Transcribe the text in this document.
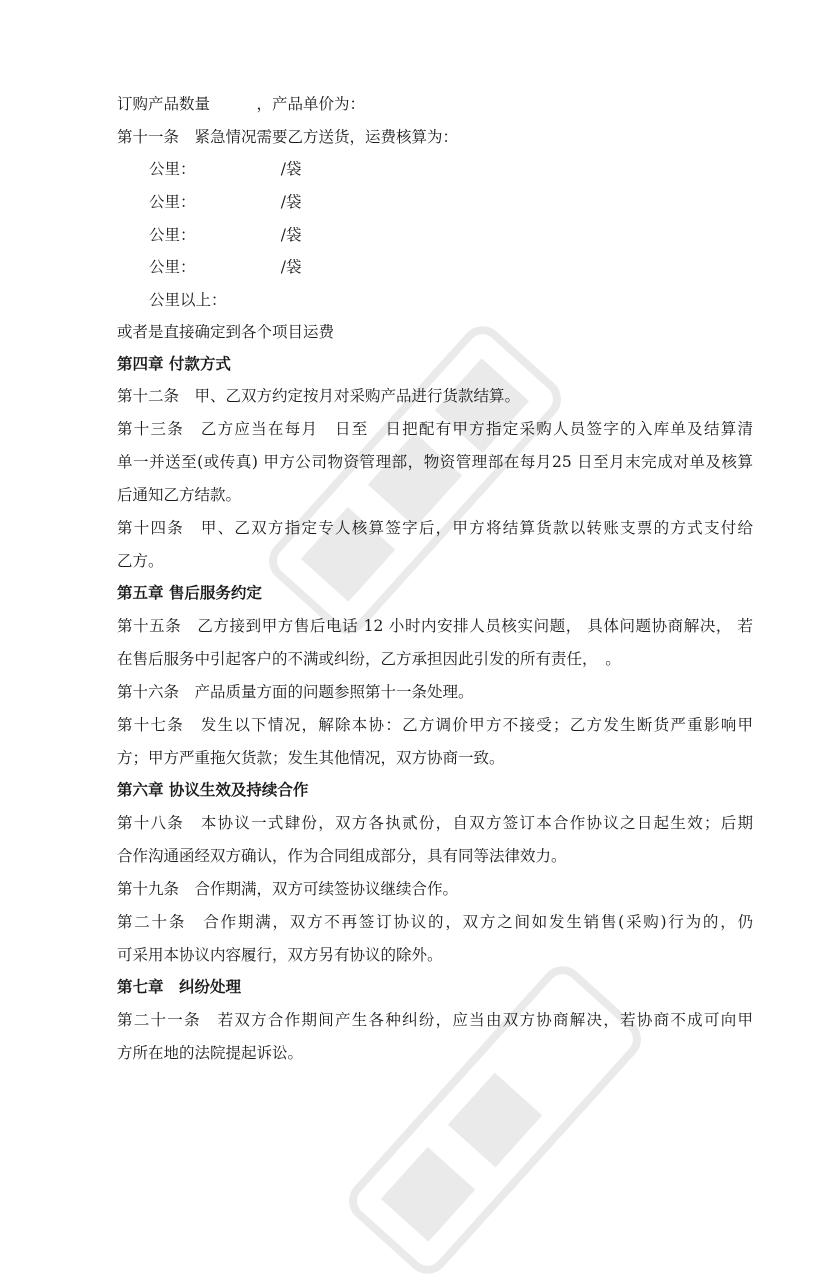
订购产品数量　　　，产品单价为：
第十一条　紧急情况需要乙方送货，运费核算为：
公里：　　　　　　/袋
公里：　　　　　　/袋
公里：　　　　　　/袋
公里：　　　　　　/袋
公里以上：
或者是直接确定到各个项目运费
第四章 付款方式
第十二条　甲、乙双方约定按月对采购产品进行货款结算。
第十三条　乙方应当在每月　日至　日把配有甲方指定采购人员签字的入库单及结算清
单一并送至(或传真) 甲方公司物资管理部，物资管理部在每月25 日至月末完成对单及核算
后通知乙方结款。
第十四条　甲、乙双方指定专人核算签字后，甲方将结算货款以转账支票的方式支付给
乙方。
第五章 售后服务约定
第十五条　乙方接到甲方售后电话 12 小时内安排人员核实问题， 具体问题协商解决， 若
在售后服务中引起客户的不满或纠纷，乙方承担因此引发的所有责任，　。
第十六条　产品质量方面的问题参照第十一条处理。
第十七条　发生以下情况，解除本协：乙方调价甲方不接受；乙方发生断货严重影响甲
方；甲方严重拖欠货款；发生其他情况，双方协商一致。
第六章 协议生效及持续合作
第十八条　本协议一式肆份，双方各执贰份，自双方签订本合作协议之日起生效；后期
合作沟通函经双方确认，作为合同组成部分，具有同等法律效力。
第十九条　合作期满，双方可续签协议继续合作。
第二十条　合作期满，双方不再签订协议的，双方之间如发生销售(采购)行为的，仍
可采用本协议内容履行，双方另有协议的除外。
第七章　纠纷处理
第二十一条　若双方合作期间产生各种纠纷，应当由双方协商解决，若协商不成可向甲
方所在地的法院提起诉讼。
